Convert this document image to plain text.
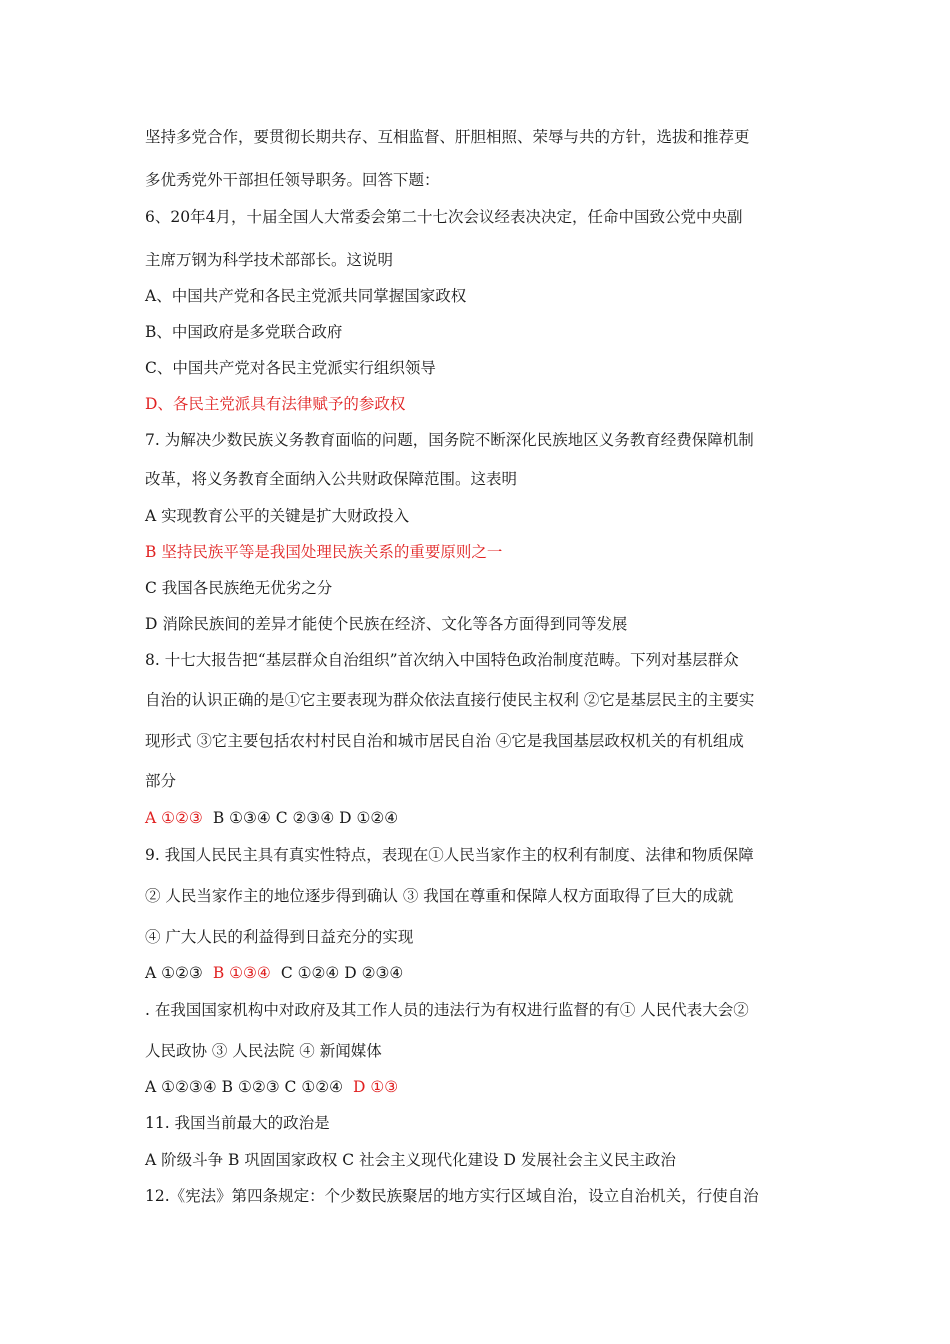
坚持多党合作，要贯彻长期共存、互相监督、肝胆相照、荣辱与共的方针，选拔和推荐更
多优秀党外干部担任领导职务。回答下题：
6、20年4月，十届全国人大常委会第二十七次会议经表决决定，任命中国致公党中央副
主席万钢为科学技术部部长。这说明
A、中国共产党和各民主党派共同掌握国家政权
B、中国政府是多党联合政府
C、中国共产党对各民主党派实行组织领导
D、各民主党派具有法律赋予的参政权
7. 为解决少数民族义务教育面临的问题，国务院不断深化民族地区义务教育经费保障机制
改革，将义务教育全面纳入公共财政保障范围。这表明
A 实现教育公平的关键是扩大财政投入
B 坚持民族平等是我国处理民族关系的重要原则之一
C 我国各民族绝无优劣之分
D 消除民族间的差异才能使个民族在经济、文化等各方面得到同等发展
8. 十七大报告把“基层群众自治组织”首次纳入中国特色政治制度范畴。下列对基层群众
自治的认识正确的是①它主要表现为群众依法直接行使民主权利 ②它是基层民主的主要实
现形式 ③它主要包括农村村民自治和城市居民自治 ④它是我国基层政权机关的有机组成
部分
A ①②③ B ①③④ C ②③④ D ①②④
9. 我国人民民主具有真实性特点，表现在①人民当家作主的权利有制度、法律和物质保障
② 人民当家作主的地位逐步得到确认 ③ 我国在尊重和保障人权方面取得了巨大的成就
④ 广大人民的利益得到日益充分的实现
A ①②③ B ①③④ C ①②④ D ②③④
. 在我国国家机构中对政府及其工作人员的违法行为有权进行监督的有① 人民代表大会②
人民政协 ③ 人民法院 ④ 新闻媒体
A ①②③④ B ①②③ C ①②④ D ①③
11. 我国当前最大的政治是
A 阶级斗争 B 巩固国家政权 C 社会主义现代化建设 D 发展社会主义民主政治
12.《宪法》第四条规定：个少数民族聚居的地方实行区域自治，设立自治机关，行使自治
